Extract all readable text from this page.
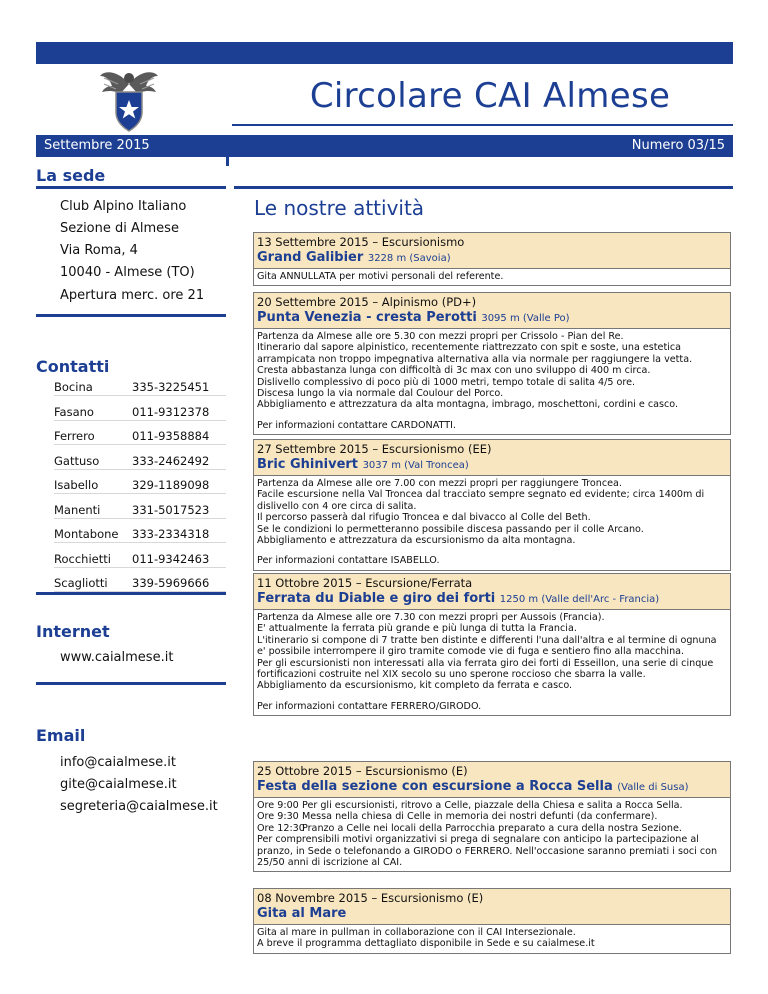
Circolare CAI Almese
Settembre 2015	Numero 03/15
La sede
Club Alpino Italiano
Sezione di Almese
Via Roma, 4
10040 - Almese (TO)
Apertura merc. ore 21
Contatti
Bocina	335-3225451
Fasano	011-9312378
Ferrero	011-9358884
Gattuso	333-2462492
Isabello	329-1189098
Manenti	331-5017523
Montabone 333-2334318
Rocchietti 011-9342463
Scagliotti 339-5969666
Internet
www.caialmese.it
Email
info@caialmese.it
gite@caialmese.it
segreteria@caialmese.it
Le nostre attività
13 Settembre 2015 – Escursionismo
Grand Galibier 3228 m (Savoia)

Gita ANNULLATA per motivi personali del referente.

20 Settembre 2015 – Alpinismo (PD+)
Punta Venezia - cresta Perotti 3095 m (Valle Po)

Partenza da Almese alle ore 5.30 con mezzi propri per Crissolo - Pian del Re.

Itinerario dal sapore alpinistico, recentemente riattrezzato con spit e soste, una estetica arrampicata non troppo impegnativa alternativa alla via normale per raggiungere la vetta.

Cresta abbastanza lunga con difficoltà di 3c max con uno sviluppo di 400 m circa.

Dislivello complessivo di poco più di 1000 metri, tempo totale di salita 4/5 ore.

Discesa lungo la via normale dal Coulour del Porco.

Abbigliamento e attrezzatura da alta montagna, imbrago, moschettoni, cordini e casco.

Per informazioni contattare CARDONATTI.

27 Settembre 2015 – Escursionismo (EE)
Bric Ghinivert 3037 m (Val Troncea)

Partenza da Almese alle ore 7.00 con mezzi propri per raggiungere Troncea.

Facile escursione nella Val Troncea dal tracciato sempre segnato ed evidente; circa 1400m di dislivello con 4 ore circa di salita.

Il percorso passerà dal rifugio Troncea e dal bivacco al Colle del Beth.

Se le condizioni lo permetteranno possibile discesa passando per il colle Arcano.

Abbigliamento e attrezzatura da escursionismo da alta montagna.

Per informazioni contattare ISABELLO.

11 Ottobre 2015 – Escursione/Ferrata
Ferrata du Diable e giro dei forti 1250 m (Valle dell'Arc - Francia)

Partenza da Almese alle ore 7.30 con mezzi propri per Aussois (Francia).

E' attualmente la ferrata più grande e più lunga di tutta la Francia.

L'itinerario si compone di 7 tratte ben distinte e differenti l'una dall'altra e al termine di ognuna e' possibile interrompere il giro tramite comode vie di fuga e sentiero fino alla macchina.

Per gli escursionisti non interessati alla via ferrata giro dei forti di Esseillon, una serie di cinque fortificazioni costruite nel XIX secolo su uno sperone roccioso che sbarra la valle.

Abbigliamento da escursionismo, kit completo da ferrata e casco.

Per informazioni contattare FERRERO/GIRODO.

25 Ottobre 2015 – Escursionismo (E)
Festa della sezione con escursione a Rocca Sella (Valle di Susa)
Ore 9:00 Per gli escursionisti, ritrovo a Celle, piazzale della Chiesa e salita a Rocca Sella.
Ore 9:30 Messa nella chiesa di Celle in memoria dei nostri defunti (da confermare).
Ore 12:30
Pranzo a Celle nei locali della Parrocchia preparato a cura della nostra Sezione.

Per comprensibili motivi organizzativi si prega di segnalare con anticipo la partecipazione al pranzo, in Sede o telefonando a GIRODO o FERRERO. Nell'occasione saranno premiati i soci con 25/50 anni di iscrizione al CAI.

08 Novembre 2015 – Escursionismo (E)
Gita al Mare

Gita al mare in pullman in collaborazione con il CAI Intersezionale.

A breve il programma dettagliato disponibile in Sede e su caialmese.it
